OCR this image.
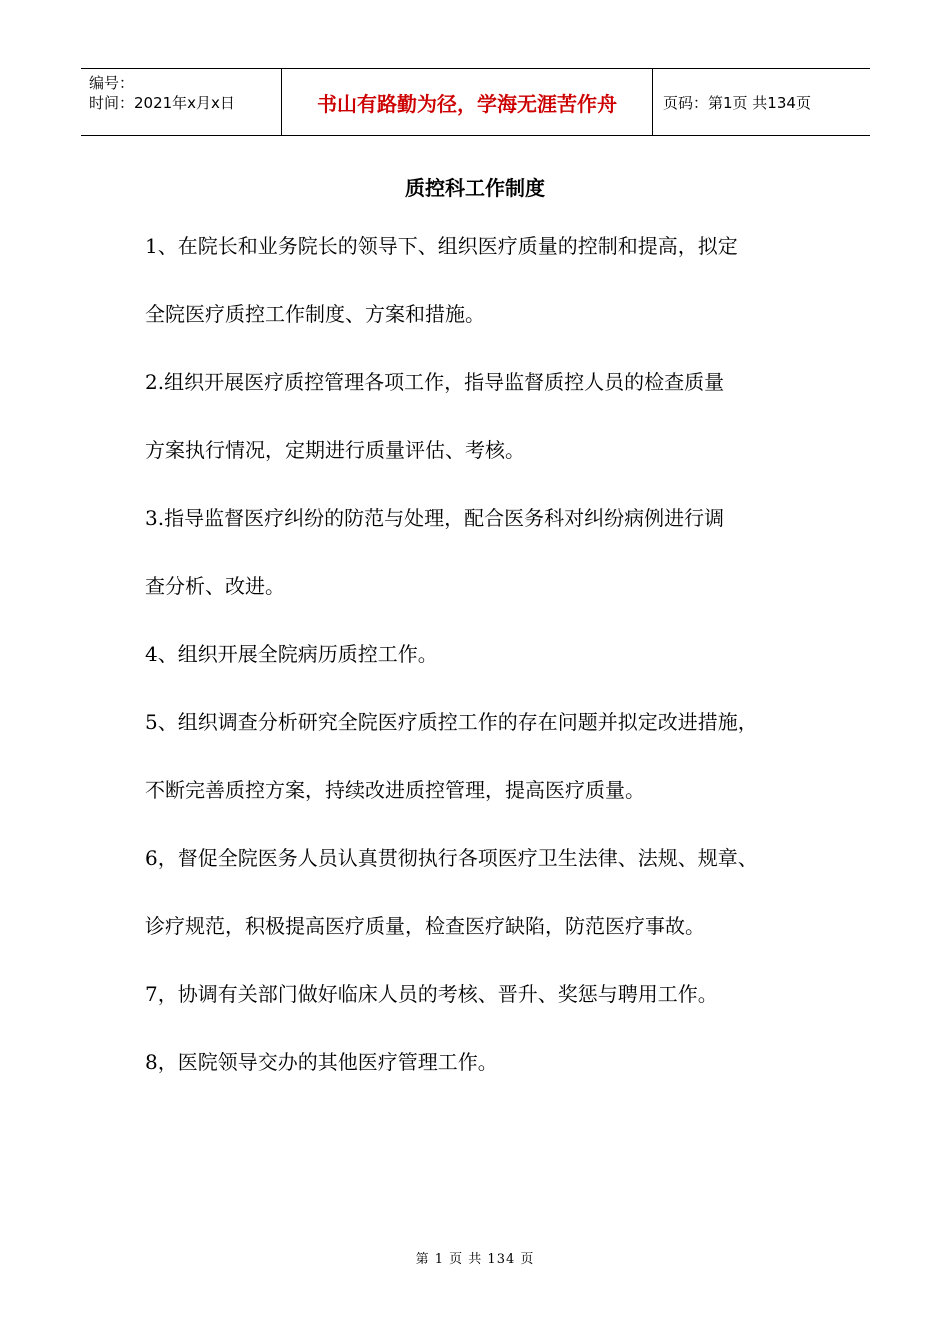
编号：
时间：2021年x月x日	书山有路勤为径，学海无涯苦作舟	页码：第1页 共134页
质控科工作制度
1、在院长和业务院长的领导下、组织医疗质量的控制和提高，拟定
全院医疗质控工作制度、方案和措施。
2.组织开展医疗质控管理各项工作，指导监督质控人员的检查质量
方案执行情况，定期进行质量评估、考核。
3.指导监督医疗纠纷的防范与处理，配合医务科对纠纷病例进行调
查分析、改进。
4、组织开展全院病历质控工作。
5、组织调查分析研究全院医疗质控工作的存在问题并拟定改进措施，
不断完善质控方案，持续改进质控管理，提高医疗质量。
6，督促全院医务人员认真贯彻执行各项医疗卫生法律、法规、规章、
诊疗规范，积极提高医疗质量，检查医疗缺陷，防范医疗事故。
7，协调有关部门做好临床人员的考核、晋升、奖惩与聘用工作。
8，医院领导交办的其他医疗管理工作。
第 1 页 共 134 页
